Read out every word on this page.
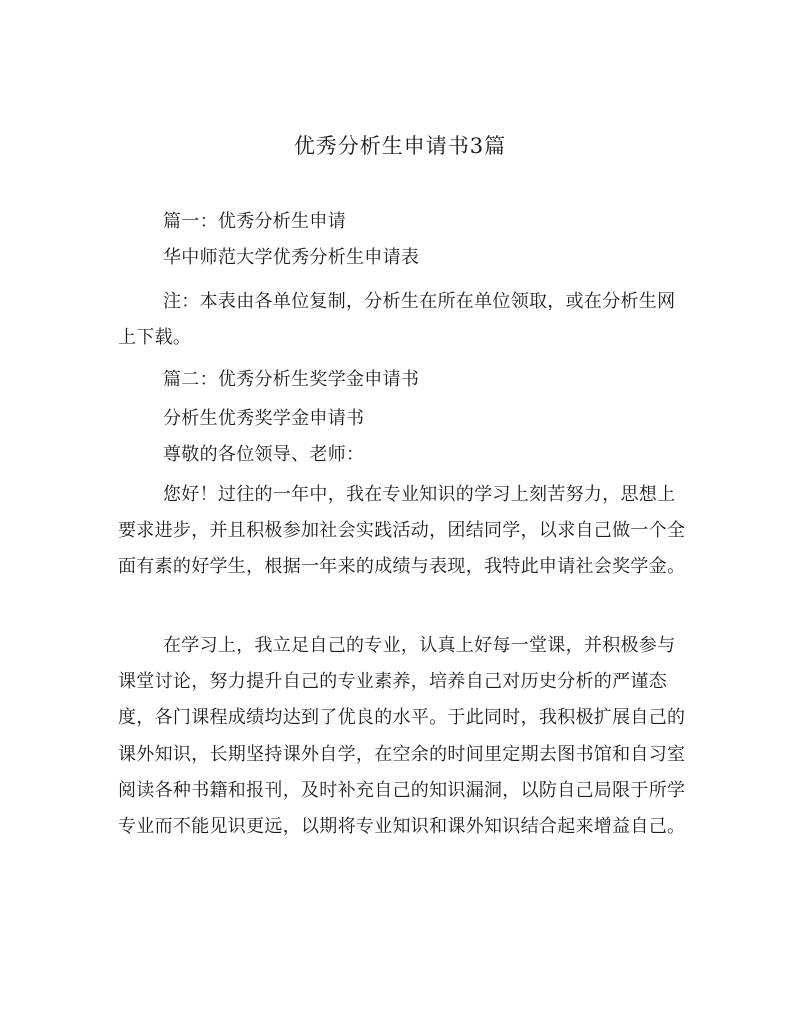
优秀分析生申请书3篇

篇一：优秀分析生申请

华中师范大学优秀分析生申请表

注：本表由各单位复制，分析生在所在单位领取，或在分析生网上下载。

篇二：优秀分析生奖学金申请书

分析生优秀奖学金申请书

尊敬的各位领导、老师：

您好！过往的一年中，我在专业知识的学习上刻苦努力，思想上要求进步，并且积极参加社会实践活动，团结同学，以求自己做一个全面有素的好学生，根据一年来的成绩与表现，我特此申请社会奖学金。

在学习上，我立足自己的专业，认真上好每一堂课，并积极参与课堂讨论，努力提升自己的专业素养，培养自己对历史分析的严谨态度，各门课程成绩均达到了优良的水平。于此同时，我积极扩展自己的课外知识，长期坚持课外自学，在空余的时间里定期去图书馆和自习室阅读各种书籍和报刊，及时补充自己的知识漏洞，以防自己局限于所学专业而不能见识更远，以期将专业知识和课外知识结合起来增益自己。
